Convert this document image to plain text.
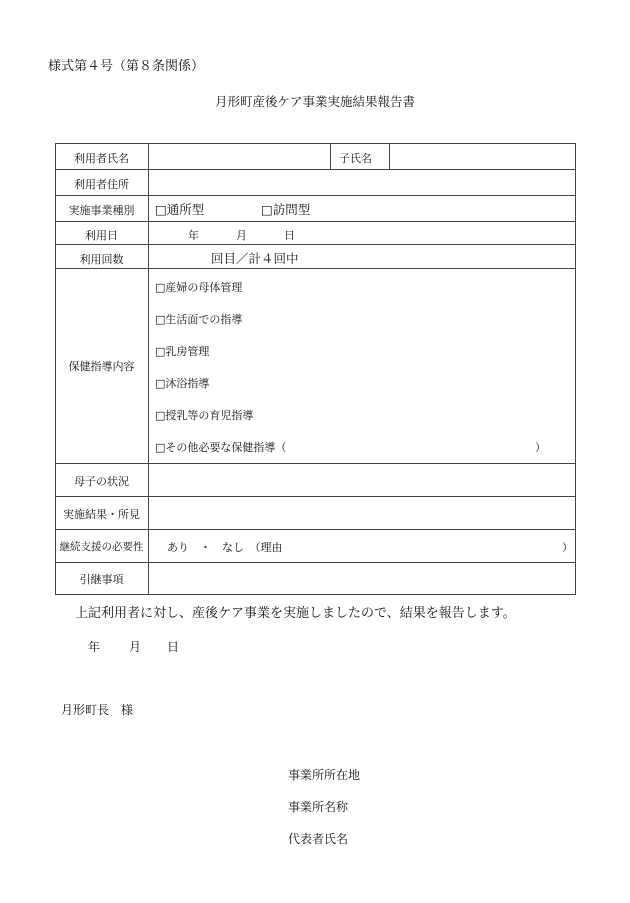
様式第４号（第８条関係）
月形町産後ケア事業実施結果報告書
利用者氏名	子氏名
利用者住所
実施事業種別	□通所型	□訪問型
利用日	年	月	日
利用回数	回目／計４回中
保健指導内容
□産婦の母体管理
□生活面での指導
□乳房管理
□沐浴指導
□授乳等の育児指導
□その他必要な保健指導（	）
母子の状況
実施結果・所見
継続支援の必要性	あり　・　なし　（理由	）
引継事項
上記利用者に対し、産後ケア事業を実施しましたので、結果を報告します。
年 月 日
月形町長　様
事業所所在地
事業所名称
代表者氏名
